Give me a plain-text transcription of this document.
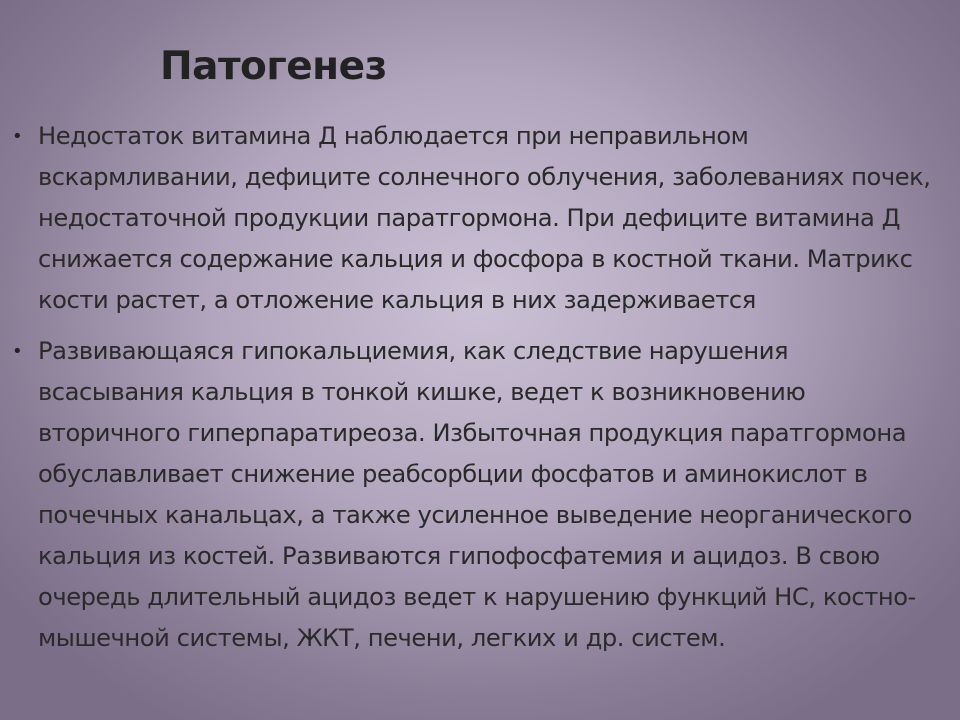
Патогенез
• Недостаток витамина Д наблюдается при неправильном вскармливании, дефиците солнечного облучения, заболеваниях почек, недостаточной продукции паратгормона. При дефиците витамина Д снижается содержание кальция и фосфора в костной ткани. Матрикс кости растет, а отложение кальция в них задерживается

• Развивающаяся гипокальциемия, как следствие нарушения всасывания кальция в тонкой кишке, ведет к возникновению вторичного гиперпаратиреоза. Избыточная продукция паратгормона обуславливает снижение реабсорбции фосфатов и аминокислот в почечных канальцах, а также усиленное выведение неорганического кальция из костей. Развиваются гипофосфатемия и ацидоз. В свою очередь длительный ацидоз ведет к нарушению функций НС, костно-мышечной системы, ЖКТ, печени, легких и др. систем.
